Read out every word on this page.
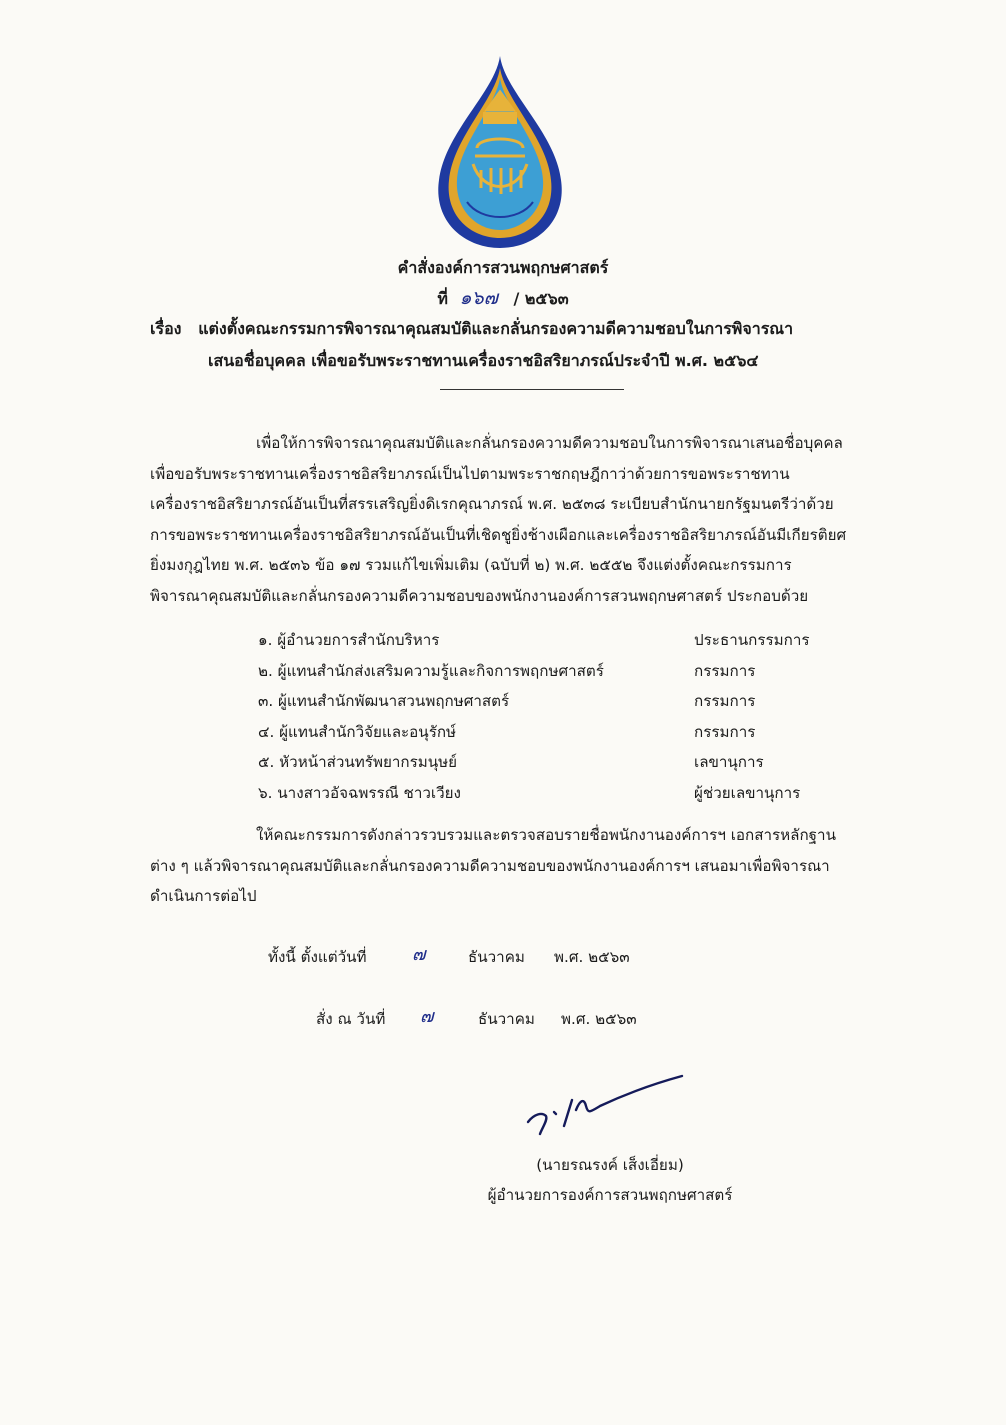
คำสั่งองค์การสวนพฤกษศาสตร์
ที่ ๑๖๗ / ๒๕๖๓
เรื่อง แต่งตั้งคณะกรรมการพิจารณาคุณสมบัติและกลั่นกรองความดีความชอบในการพิจารณา
เสนอชื่อบุคคล เพื่อขอรับพระราชทานเครื่องราชอิสริยาภรณ์ประจำปี พ.ศ. ๒๕๖๔
เพื่อให้การพิจารณาคุณสมบัติและกลั่นกรองความดีความชอบในการพิจารณาเสนอชื่อบุคคล
เพื่อขอรับพระราชทานเครื่องราชอิสริยาภรณ์เป็นไปตามพระราชกฤษฎีกาว่าด้วยการขอพระราชทาน
เครื่องราชอิสริยาภรณ์อันเป็นที่สรรเสริญยิ่งดิเรกคุณาภรณ์ พ.ศ. ๒๕๓๘ ระเบียบสำนักนายกรัฐมนตรีว่าด้วย
การขอพระราชทานเครื่องราชอิสริยาภรณ์อันเป็นที่เชิดชูยิ่งช้างเผือกและเครื่องราชอิสริยาภรณ์อันมีเกียรติยศ
ยิ่งมงกุฎไทย พ.ศ. ๒๕๓๖ ข้อ ๑๗ รวมแก้ไขเพิ่มเติม (ฉบับที่ ๒) พ.ศ. ๒๕๕๒ จึงแต่งตั้งคณะกรรมการ
พิจารณาคุณสมบัติและกลั่นกรองความดีความชอบของพนักงานองค์การสวนพฤกษศาสตร์ ประกอบด้วย
๑. ผู้อำนวยการสำนักบริหาร	ประธานกรรมการ
๒. ผู้แทนสำนักส่งเสริมความรู้และกิจการพฤกษศาสตร์	กรรมการ
๓. ผู้แทนสำนักพัฒนาสวนพฤกษศาสตร์	กรรมการ
๔. ผู้แทนสำนักวิจัยและอนุรักษ์	กรรมการ
๕. หัวหน้าส่วนทรัพยากรมนุษย์	เลขานุการ
๖. นางสาวอัจฉพรรณี ชาวเวียง	ผู้ช่วยเลขานุการ
ให้คณะกรรมการดังกล่าวรวบรวมและตรวจสอบรายชื่อพนักงานองค์การฯ เอกสารหลักฐาน
ต่าง ๆ แล้วพิจารณาคุณสมบัติและกลั่นกรองความดีความชอบของพนักงานองค์การฯ เสนอมาเพื่อพิจารณา
ดำเนินการต่อไป
ทั้งนี้ ตั้งแต่วันที่	๗	ธันวาคม พ.ศ. ๒๕๖๓
สั่ง ณ วันที่ ๗	ธันวาคม พ.ศ. ๒๕๖๓
(นายรณรงค์ เส็งเอี่ยม)
ผู้อำนวยการองค์การสวนพฤกษศาสตร์
